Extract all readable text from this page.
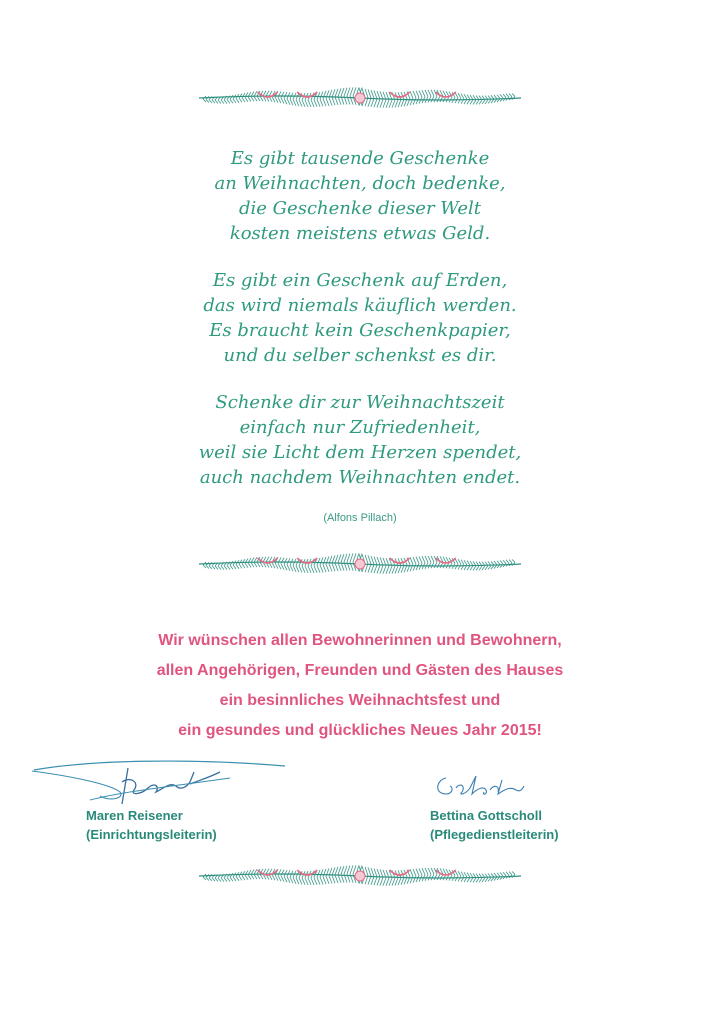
Es gibt tausende Geschenke
an Weihnachten, doch bedenke,
die Geschenke dieser Welt
kosten meistens etwas Geld.
Es gibt ein Geschenk auf Erden,
das wird niemals käuflich werden.
Es braucht kein Geschenkpapier,
und du selber schenkst es dir.
Schenke dir zur Weihnachtszeit
einfach nur Zufriedenheit,
weil sie Licht dem Herzen spendet,
auch nachdem Weihnachten endet.
(Alfons Pillach)
Wir wünschen allen Bewohnerinnen und Bewohnern,
allen Angehörigen, Freunden und Gästen des Hauses
ein besinnliches Weihnachtsfest und
ein gesundes und glückliches Neues Jahr 2015!
Maren Reisener
(Einrichtungsleiterin)
Bettina Gottscholl
(Pflegedienstleiterin)
